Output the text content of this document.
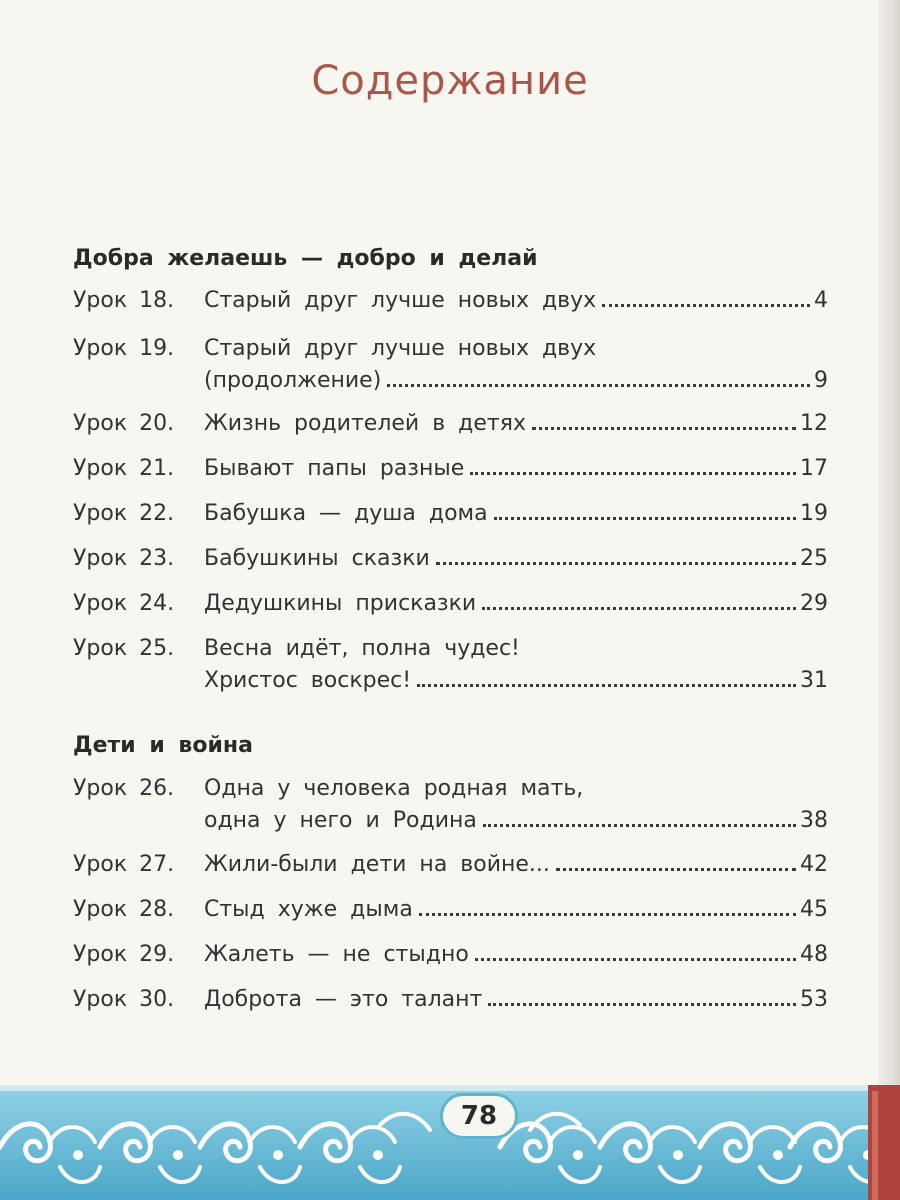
Содержание
Добра желаешь — добро и делай
Урок 18.	Старый друг лучше новых двух	4
Урок 19.	Старый друг лучше новых двух
(продолжение)	9
Урок 20.	Жизнь родителей в детях	12
Урок 21.	Бывают папы разные	17
Урок 22.	Бабушка — душа дома	19
Урок 23.	Бабушкины сказки	25
Урок 24.	Дедушкины присказки	29
Урок 25.	Весна идёт, полна чудес!
Христос воскрес!	31
Дети и война
Урок 26.	Одна у человека родная мать,
одна у него и Родина	38
Урок 27.	Жили-были дети на войне...	42
Урок 28.	Стыд хуже дыма	45
Урок 29.	Жалеть — не стыдно	48
Урок 30.	Доброта — это талант	53
78
